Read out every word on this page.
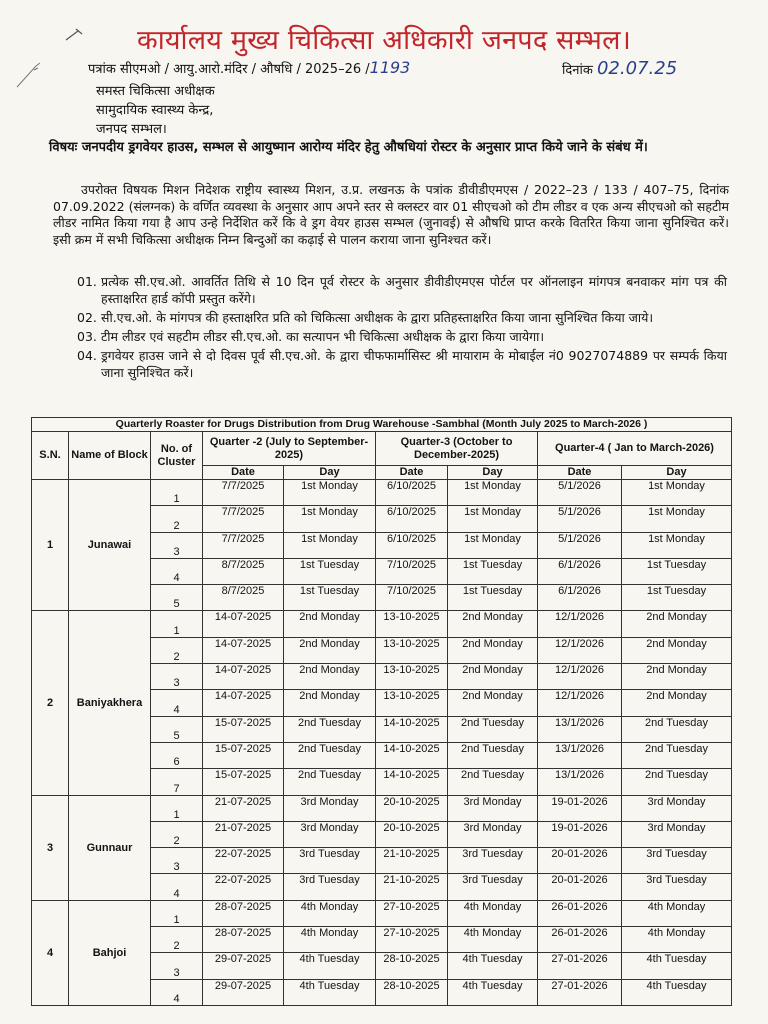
कार्यालय मुख्य चिकित्सा अधिकारी जनपद सम्भल।
पत्रांक सीएमओ / आयु.आरो.मंदिर / औषधि / 2025–26 /1193	दिनांक 02.07.25
समस्त चिकित्सा अधीक्षक
सामुदायिक स्वास्थ्य केन्द्र,
जनपद सम्भल।
विषयः जनपदीय ड्रगवेयर हाउस, सम्भल से आयुष्मान आरोग्य मंदिर हेतु औषधियां रोस्टर के अनुसार प्राप्त किये जाने के संबंध में।
उपरोक्त विषयक मिशन निदेशक राष्ट्रीय स्वास्थ्य मिशन, उ.प्र. लखनऊ के पत्रांक डीवीडीएमएस / 2022–23 / 133 / 407–75, दिनांक 07.09.2022 (संलग्नक) के वर्णित व्यवस्था के अनुसार आप अपने स्तर से क्लस्टर वार 01 सीएचओ को टीम लीडर व एक अन्य सीएचओ को सहटीम लीडर नामित किया गया है आप उन्हे निर्देशित करें कि वे ड्रग वेयर हाउस सम्भल (जुनावई) से औषधि प्राप्त करके वितरित किया जाना सुनिश्चित करें। इसी क्रम में सभी चिकित्सा अधीक्षक निम्न बिन्दुओं का कढ़ाई से पालन कराया जाना सुनिश्चत करें।
01. प्रत्येक सी.एच.ओ. आवर्तित तिथि से 10 दिन पूर्व रोस्टर के अनुसार डीवीडीएमएस पोर्टल पर ऑनलाइन मांगपत्र बनवाकर मांग पत्र की हस्ताक्षरित हार्ड कॉपी प्रस्तुत करेंगे।
02. सी.एच.ओ. के मांगपत्र की हस्ताक्षरित प्रति को चिकित्सा अधीक्षक के द्वारा प्रतिहस्ताक्षरित किया जाना सुनिश्चित किया जाये।
03. टीम लीडर एवं सहटीम लीडर सी.एच.ओ. का सत्यापन भी चिकित्सा अधीक्षक के द्वारा किया जायेगा।
04. ड्रगवेयर हाउस जाने से दो दिवस पूर्व सी.एच.ओ. के द्वारा चीफफार्मासिस्ट श्री मायाराम के मोबाईल नं0 9027074889 पर सम्पर्क किया जाना सुनिश्चित करें।
Quarterly Roaster for Drugs Distribution from Drug Warehouse -Sambhal (Month July 2025 to March-2026 )								
S.N.	Name of Block	No. of Cluster	Quarter -2 (July to September-2025)		Quarter-3 (October to December-2025)		Quarter-4 ( Jan to March-2026)	
			Date	Day	Date	Day	Date	Day
1	Junawai	1	7/7/2025	1st Monday	6/10/2025	1st Monday	5/1/2026	1st Monday
		2	7/7/2025	1st Monday	6/10/2025	1st Monday	5/1/2026	1st Monday
		3	7/7/2025	1st Monday	6/10/2025	1st Monday	5/1/2026	1st Monday
		4	8/7/2025	1st Tuesday	7/10/2025	1st Tuesday	6/1/2026	1st Tuesday
		5	8/7/2025	1st Tuesday	7/10/2025	1st Tuesday	6/1/2026	1st Tuesday
2	Baniyakhera	1	14-07-2025	2nd Monday	13-10-2025	2nd Monday	12/1/2026	2nd Monday
		2	14-07-2025	2nd Monday	13-10-2025	2nd Monday	12/1/2026	2nd Monday
		3	14-07-2025	2nd Monday	13-10-2025	2nd Monday	12/1/2026	2nd Monday
		4	14-07-2025	2nd Monday	13-10-2025	2nd Monday	12/1/2026	2nd Monday
		5	15-07-2025	2nd Tuesday	14-10-2025	2nd Tuesday	13/1/2026	2nd Tuesday
		6	15-07-2025	2nd Tuesday	14-10-2025	2nd Tuesday	13/1/2026	2nd Tuesday
		7	15-07-2025	2nd Tuesday	14-10-2025	2nd Tuesday	13/1/2026	2nd Tuesday
3	Gunnaur	1	21-07-2025	3rd Monday	20-10-2025	3rd Monday	19-01-2026	3rd Monday
		2	21-07-2025	3rd Monday	20-10-2025	3rd Monday	19-01-2026	3rd Monday
		3	22-07-2025	3rd Tuesday	21-10-2025	3rd Tuesday	20-01-2026	3rd Tuesday
		4	22-07-2025	3rd Tuesday	21-10-2025	3rd Tuesday	20-01-2026	3rd Tuesday
4	Bahjoi	1	28-07-2025	4th Monday	27-10-2025	4th Monday	26-01-2026	4th Monday
		2	28-07-2025	4th Monday	27-10-2025	4th Monday	26-01-2026	4th Monday
		3	29-07-2025	4th Tuesday	28-10-2025	4th Tuesday	27-01-2026	4th Tuesday
		4	29-07-2025	4th Tuesday	28-10-2025	4th Tuesday	27-01-2026	4th Tuesday
